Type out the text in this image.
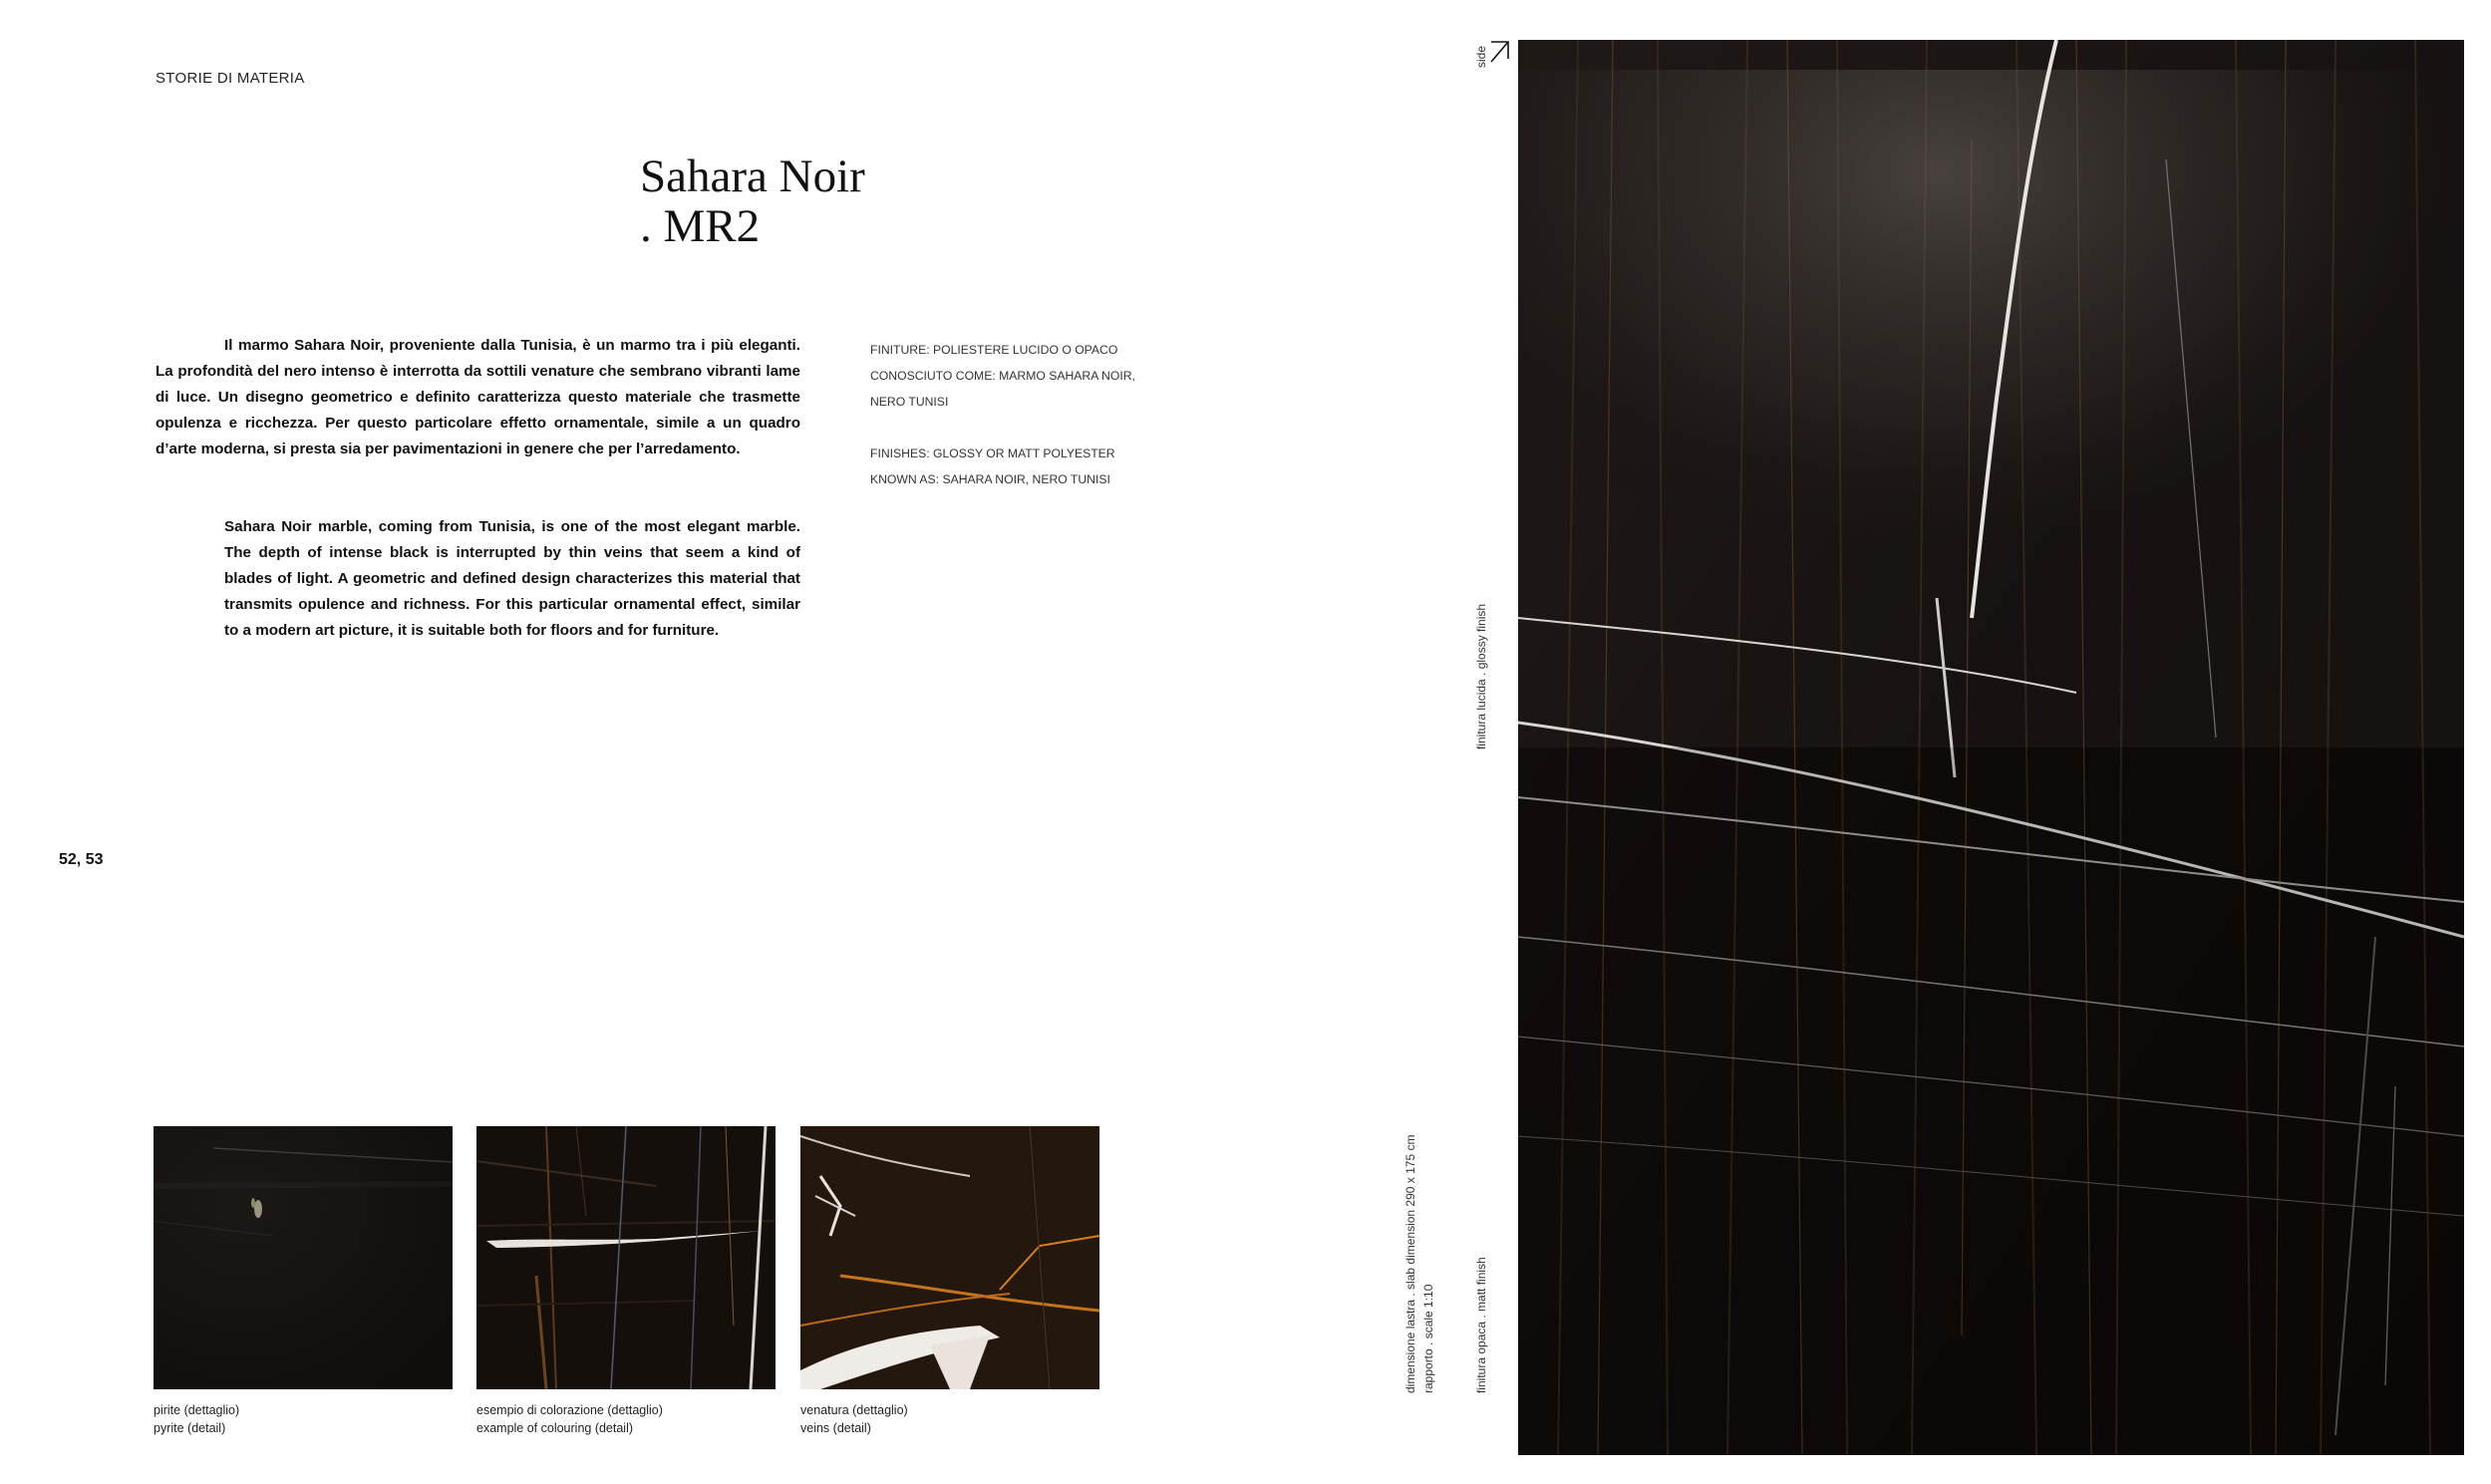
STORIE DI MATERIA
52, 53
Sahara Noir
. MR2
Il marmo Sahara Noir, proveniente dalla Tunisia, è un marmo tra i più eleganti. La profondità del nero intenso è interrotta da sottili venature che sembrano vibranti lame di luce. Un disegno geometrico e definito caratterizza questo materiale che trasmette opulenza e ricchezza. Per questo particolare effetto ornamentale, simile a un quadro d’arte moderna, si presta sia per pavimentazioni in genere che per l’arredamento.
Sahara Noir marble, coming from Tunisia, is one of the most elegant marble. The depth of intense black is interrupted by thin veins that seem a kind of blades of light. A geometric and defined design characterizes this material that transmits opulence and richness. For this particular ornamental effect, similar to a modern art picture, it is suitable both for floors and for furniture.
FINITURE: POLIESTERE LUCIDO O OPACO
CONOSCIUTO COME: MARMO SAHARA NOIR,
NERO TUNISI
FINISHES: GLOSSY OR MATT POLYESTER
KNOWN AS: SAHARA NOIR, NERO TUNISI
pirite (dettaglio)
pyrite (detail)
esempio di colorazione (dettaglio)
example of colouring (detail)
venatura (dettaglio)
veins (detail)
side
finitura lucida . glossy finish
finitura opaca . matt finish
dimensione lastra . slab dimension 290 x 175 cm rapporto . scale 1:10
